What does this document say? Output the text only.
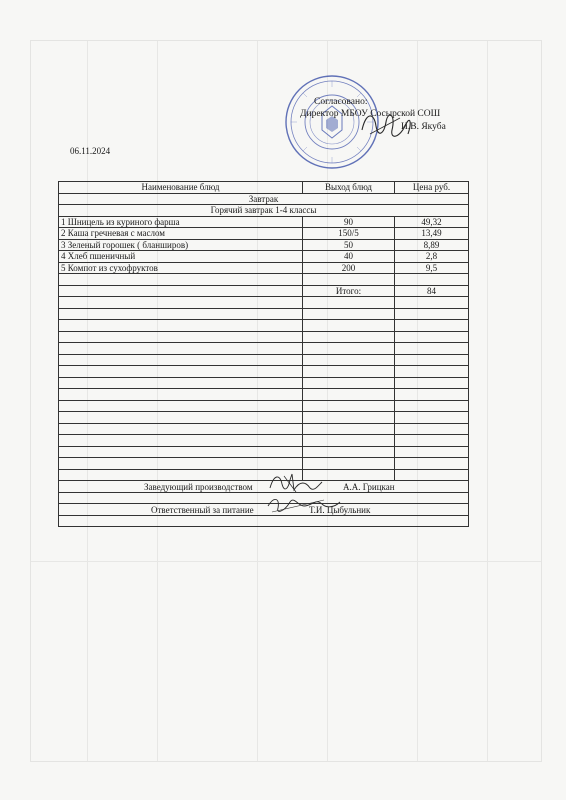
Согласовано:
Директор МБОУ Сосырской СОШ
И.В. Якуба
06.11.2024
Наименование блюд	Выход блюд	Цена руб.
Завтрак		
Горячий завтрак 1-4 классы		
1 Шницель из куриного фарша	90	49,32
2 Каша гречневая с маслом	150/5	13,49
3 Зеленый горошек ( бланширов)	50	8,89
4 Хлеб пшеничный	40	2,8
5 Компот из сухофруктов	200	9,5

	Итого:	84

Заведующий производством А.А. Грицкан		

Ответственный за питание Т.И. Цыбульник		
